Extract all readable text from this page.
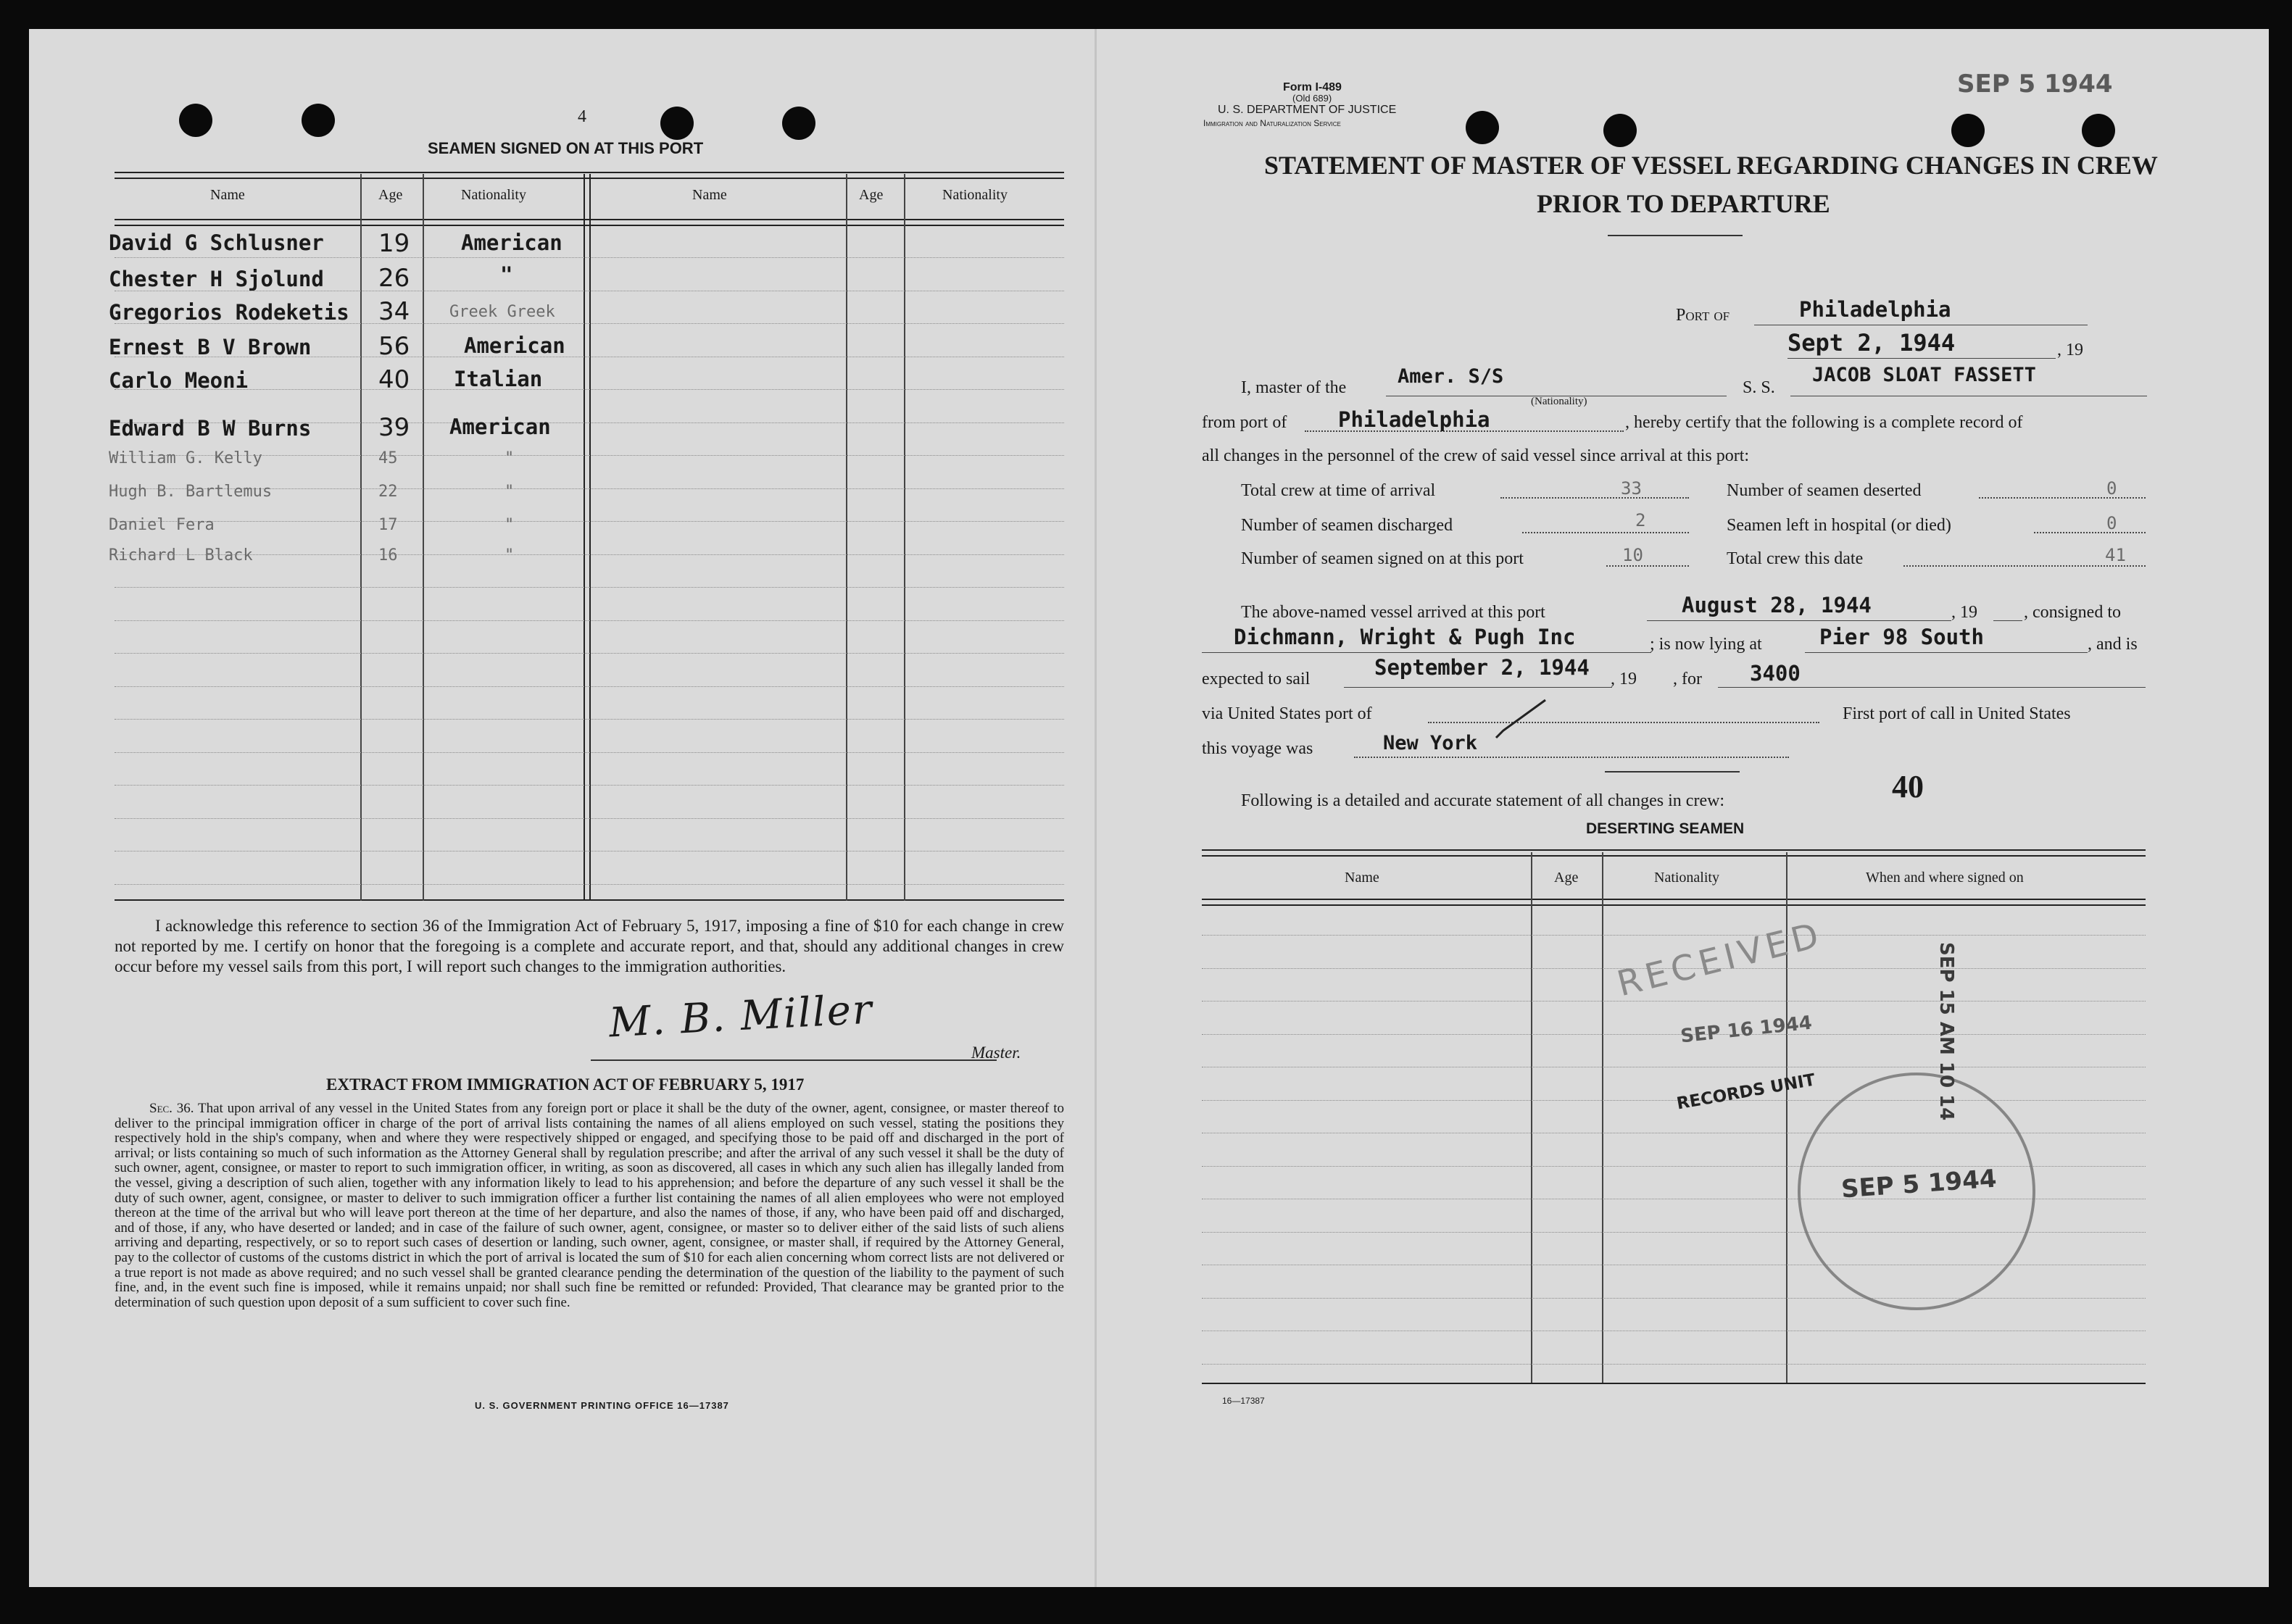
4
SEAMEN SIGNED ON AT THIS PORT
Name	Age	Nationality	Name	Age	Nationality
David G Schlusner 19 American
Chester H Sjolund 26	"
Gregorios Rodeketis 34 Greek Greek
Ernest B V Brown	56	American
Carlo Meoni	40 Italian
Edward B W Burns	39 American
William G. Kelly	45	"
Hugh B. Bartlemus	22	"
Daniel Fera	17	"
Richard L Black	16	"
I acknowledge this reference to section 36 of the Immigration Act of February 5, 1917, imposing a fine of $10 for each change in crew not reported by me. I certify on honor that the foregoing is a complete and accurate report, and that, should any additional changes in crew occur before my vessel sails from this port, I will report such changes to the immigration authorities.
M. B. Miller
Master.
EXTRACT FROM IMMIGRATION ACT OF FEBRUARY 5, 1917
Sec. 36. That upon arrival of any vessel in the United States from any foreign port or place it shall be the duty of the owner, agent, consignee, or master thereof to deliver to the principal immigration officer in charge of the port of arrival lists containing the names of all aliens employed on such vessel, stating the positions they respectively hold in the ship's company, when and where they were respectively shipped or engaged, and specifying those to be paid off and discharged in the port of arrival; or lists containing so much of such information as the Attorney General shall by regulation prescribe; and after the arrival of any such vessel it shall be the duty of such owner, agent, consignee, or master to report to such immigration officer, in writing, as soon as discovered, all cases in which any such alien has illegally landed from the vessel, giving a description of such alien, together with any information likely to lead to his apprehension; and before the departure of any such vessel it shall be the duty of such owner, agent, consignee, or master to deliver to such immigration officer a further list containing the names of all alien employees who were not employed thereon at the time of the arrival but who will leave port thereon at the time of her departure, and also the names of those, if any, who have been paid off and discharged, and of those, if any, who have deserted or landed; and in case of the failure of such owner, agent, consignee, or master so to deliver either of the said lists of such aliens arriving and departing, respectively, or so to report such cases of desertion or landing, such owner, agent, consignee, or master shall, if required by the Attorney General, pay to the collector of customs of the customs district in which the port of arrival is located the sum of $10 for each alien concerning whom correct lists are not delivered or a true report is not made as above required; and no such vessel shall be granted clearance pending the determination of the question of the liability to the payment of such fine, and, in the event such fine is imposed, while it remains unpaid; nor shall such fine be remitted or refunded: Provided, That clearance may be granted prior to the determination of such question upon deposit of a sum sufficient to cover such fine.
U. S. GOVERNMENT PRINTING OFFICE 16—17387
Form I-489
(Old 689)
U. S. DEPARTMENT OF JUSTICE
Immigration and Naturalization Service
STATEMENT OF MASTER OF VESSEL REGARDING CHANGES IN CREW
PRIOR TO DEPARTURE
Port of	Philadelphia
Sept 2, 1944	, 19
I, master of the	Amer. S/S
(Nationality)
S. S.
JACOB SLOAT FASSETT
from port of Philadelphia	, hereby certify that the following is a complete record of
all changes in the personnel of the crew of said vessel since arrival at this port:
Total crew at time of arrival	33	Number of seamen deserted	0
Number of seamen discharged	2	Seamen left in hospital (or died)	0
Number of seamen signed on at this port	10	Total crew this date	41
The above-named vessel arrived at this port	August 28, 1944	, 19	, consigned to
Dichmann, Wright & Pugh Inc	; is now lying at	Pier 98 South	, and is
expected to sail	September 2, 1944 , 19 , for 3400
via United States port of	First port of call in United States
this voyage was	New York
Following is a detailed and accurate statement of all changes in crew:	40
DESERTING SEAMEN
Name	Age	Nationality	When and where signed on
16—17387
SEP 5 1944
RECEIVED
SEP 16 1944
RECORDS UNIT
SEP 5 1944
SEP 15 AM 10 14
